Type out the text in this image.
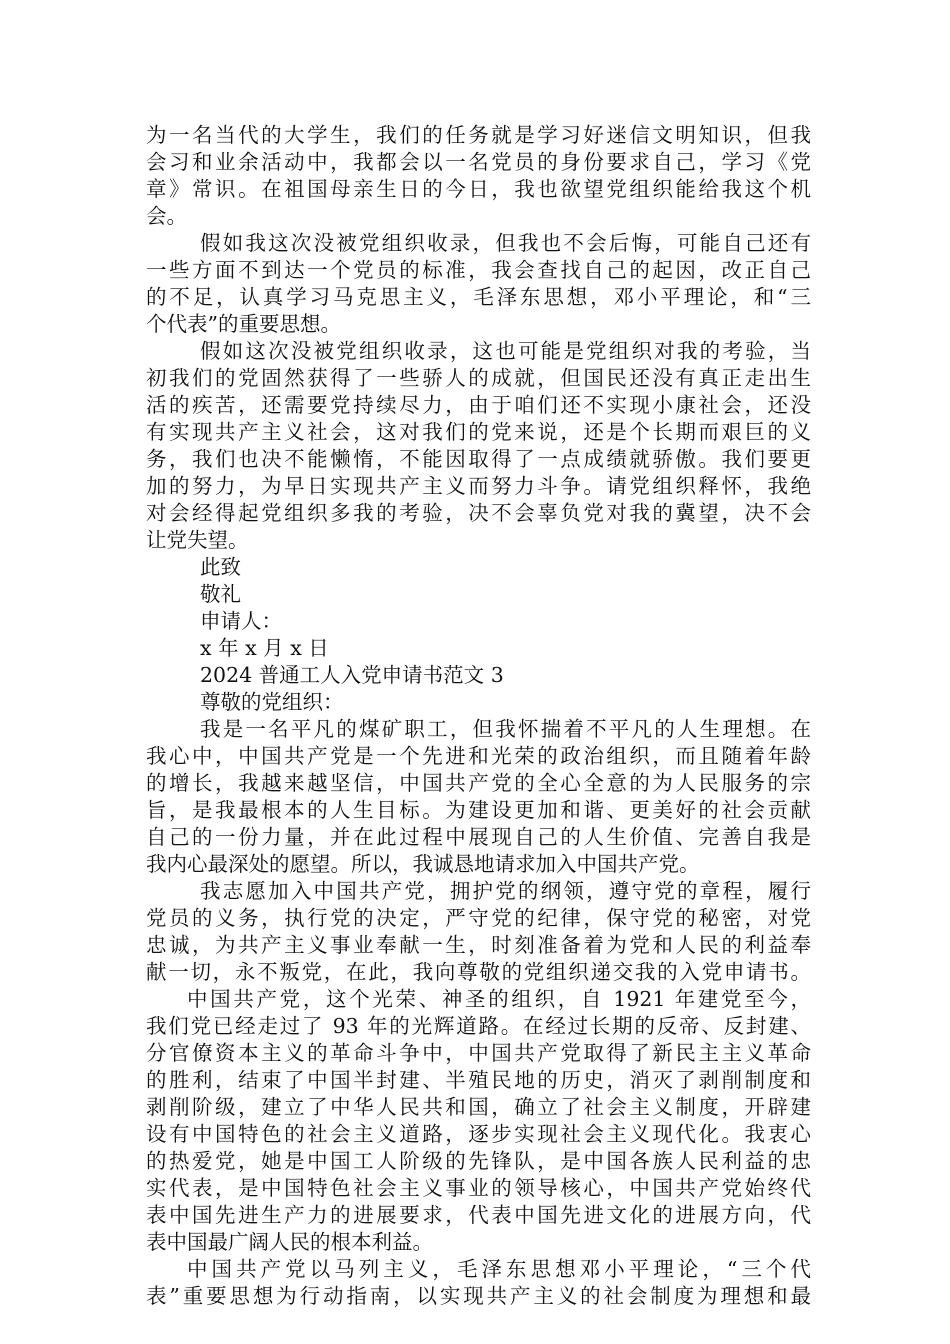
为一名当代的大学生，我们的任务就是学习好迷信文明知识，但我
会习和业余活动中，我都会以一名党员的身份要求自己，学习《党
章》常识。在祖国母亲生日的今日，我也欲望党组织能给我这个机
会。
假如我这次没被党组织收录，但我也不会后悔，可能自己还有
一些方面不到达一个党员的标准，我会查找自己的起因，改正自己
的不足，认真学习马克思主义，毛泽东思想，邓小平理论，和“三
个代表”的重要思想。
假如这次没被党组织收录，这也可能是党组织对我的考验，当
初我们的党固然获得了一些骄人的成就，但国民还没有真正走出生
活的疾苦，还需要党持续尽力，由于咱们还不实现小康社会，还没
有实现共产主义社会，这对我们的党来说，还是个长期而艰巨的义
务，我们也决不能懒惰，不能因取得了一点成绩就骄傲。我们要更
加的努力，为早日实现共产主义而努力斗争。请党组织释怀，我绝
对会经得起党组织多我的考验，决不会辜负党对我的冀望，决不会
让党失望。
此致
敬礼
申请人：
x 年 x 月 x 日
2024 普通工人入党申请书范文 3
尊敬的党组织：
我是一名平凡的煤矿职工，但我怀揣着不平凡的人生理想。在
我心中，中国共产党是一个先进和光荣的政治组织，而且随着年龄
的增长，我越来越坚信，中国共产党的全心全意的为人民服务的宗
旨，是我最根本的人生目标。为建设更加和谐、更美好的社会贡献
自己的一份力量，并在此过程中展现自己的人生价值、完善自我是
我内心最深处的愿望。所以，我诚恳地请求加入中国共产党。
我志愿加入中国共产党，拥护党的纲领，遵守党的章程，履行
党员的义务，执行党的决定，严守党的纪律，保守党的秘密，对党
忠诚，为共产主义事业奉献一生，时刻准备着为党和人民的利益奉
献一切，永不叛党，在此，我向尊敬的党组织递交我的入党申请书。
中国共产党，这个光荣、神圣的组织，自 1921 年建党至今，
我们党已经走过了 93 年的光辉道路。在经过长期的反帝、反封建、
分官僚资本主义的革命斗争中，中国共产党取得了新民主主义革命
的胜利，结束了中国半封建、半殖民地的历史，消灭了剥削制度和
剥削阶级，建立了中华人民共和国，确立了社会主义制度，开辟建
设有中国特色的社会主义道路，逐步实现社会主义现代化。我衷心
的热爱党，她是中国工人阶级的先锋队，是中国各族人民利益的忠
实代表，是中国特色社会主义事业的领导核心，中国共产党始终代
表中国先进生产力的进展要求，代表中国先进文化的进展方向，代
表中国最广阔人民的根本利益。
中国共产党以马列主义，毛泽东思想邓小平理论，“三个代
表”重要思想为行动指南，以实现共产主义的社会制度为理想和最
